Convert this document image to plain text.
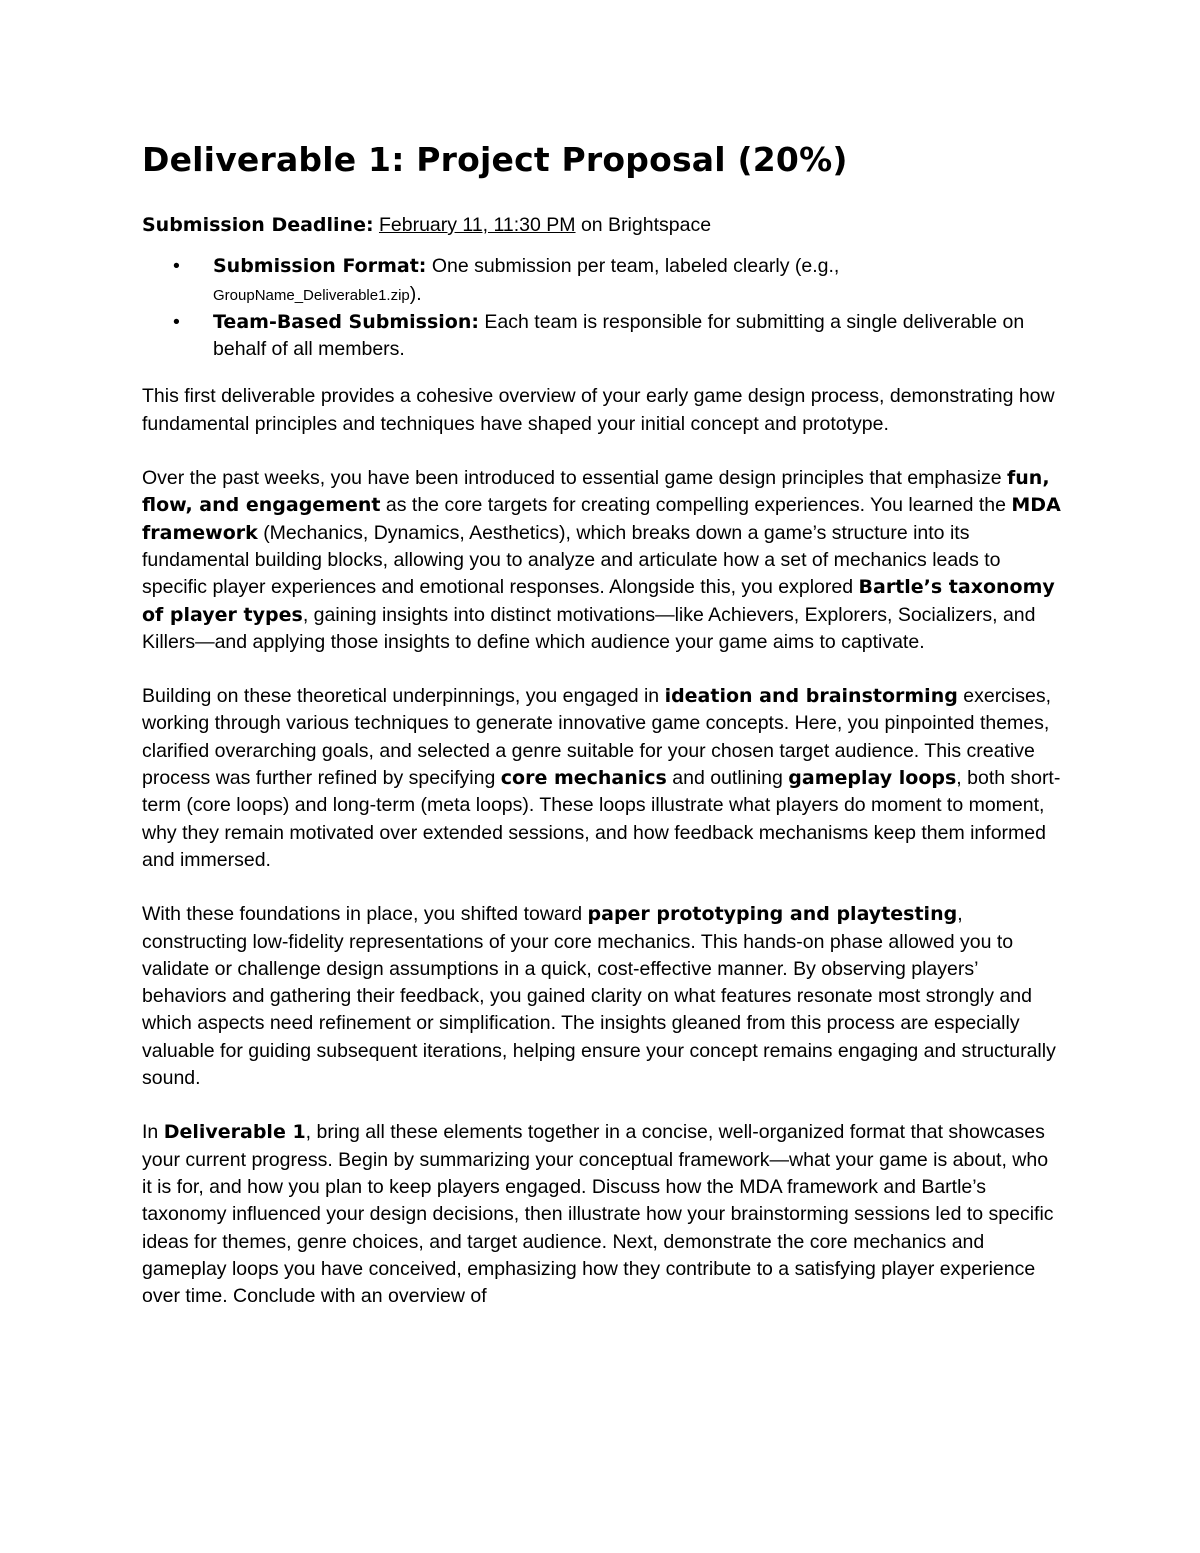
Deliverable 1: Project Proposal (20%)
Submission Deadline: February 11, 11:30 PM on Brightspace
• Submission Format: One submission per team, labeled clearly (e.g.,
GroupName_Deliverable1.zip).
• Team-Based Submission: Each team is responsible for submitting a single deliverable on behalf of all members.

This first deliverable provides a cohesive overview of your early game design process, demonstrating how fundamental principles and techniques have shaped your initial concept and prototype.

Over the past weeks, you have been introduced to essential game design principles that emphasize fun, flow, and engagement as the core targets for creating compelling experiences. You learned the MDA framework (Mechanics, Dynamics, Aesthetics), which breaks down a game’s structure into its fundamental building blocks, allowing you to analyze and articulate how a set of mechanics leads to specific player experiences and emotional responses. Alongside this, you explored Bartle’s taxonomy of player types, gaining insights into distinct motivations—like Achievers, Explorers, Socializers, and Killers—and applying those insights to define which audience your game aims to captivate.

Building on these theoretical underpinnings, you engaged in ideation and brainstorming exercises, working through various techniques to generate innovative game concepts. Here, you pinpointed themes, clarified overarching goals, and selected a genre suitable for your chosen target audience. This creative process was further refined by specifying core mechanics and outlining gameplay loops, both short-term (core loops) and long-term (meta loops). These loops illustrate what players do moment to moment, why they remain motivated over extended sessions, and how feedback mechanisms keep them informed and immersed.

With these foundations in place, you shifted toward paper prototyping and playtesting, constructing low-fidelity representations of your core mechanics. This hands-on phase allowed you to validate or challenge design assumptions in a quick, cost-effective manner. By observing players’ behaviors and gathering their feedback, you gained clarity on what features resonate most strongly and which aspects need refinement or simplification. The insights gleaned from this process are especially valuable for guiding subsequent iterations, helping ensure your concept remains engaging and structurally sound.

In Deliverable 1, bring all these elements together in a concise, well-organized format that showcases your current progress. Begin by summarizing your conceptual framework—what your game is about, who it is for, and how you plan to keep players engaged. Discuss how the MDA framework and Bartle’s taxonomy influenced your design decisions, then illustrate how your brainstorming sessions led to specific ideas for themes, genre choices, and target audience. Next, demonstrate the core mechanics and gameplay loops you have conceived, emphasizing how they contribute to a satisfying player experience over time. Conclude with an overview of
